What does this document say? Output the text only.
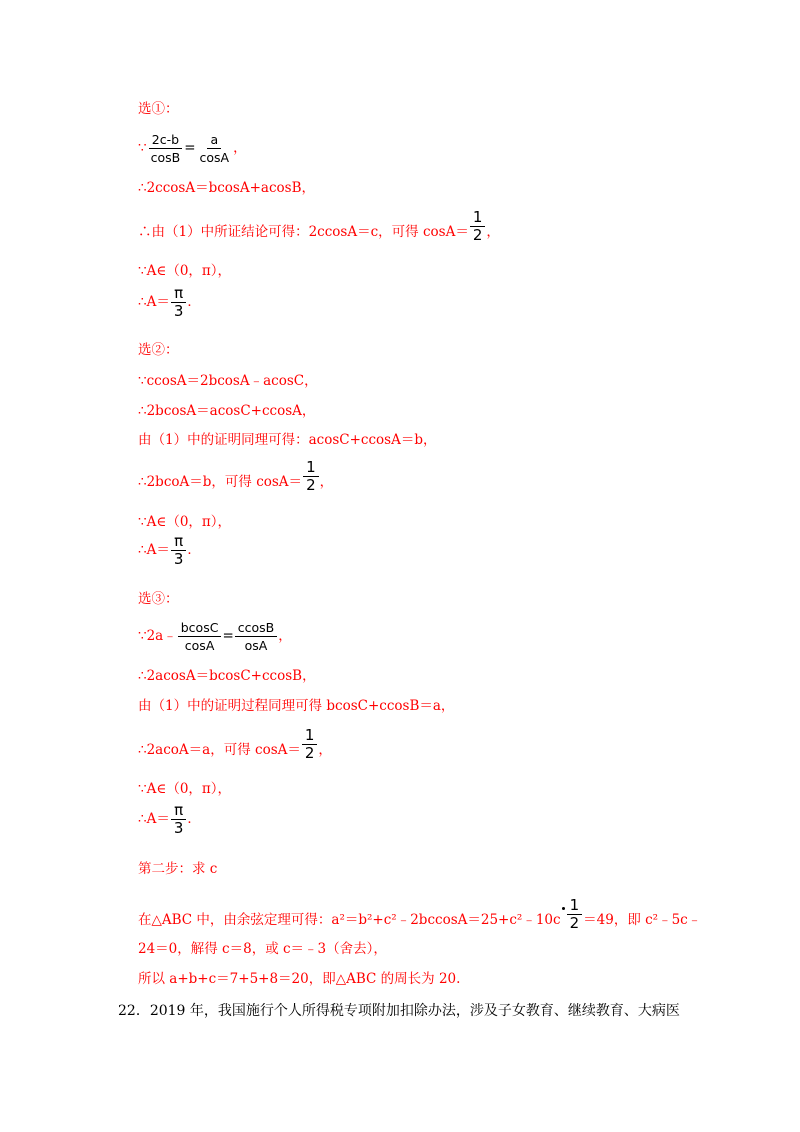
选①：
∵ $\frac{2c-b}{\cos B} = \frac{a}{\cos A}$ ，
∴2ccosA＝bcosA+acosB，
∴由（1）中所证结论可得：2ccosA＝c，可得 $\cos A= \frac{1}{2}$ ，
∵A∈（0，π），
∴A＝ $\frac{\pi}{3}$ ．
选②：
∵ccosA＝2bcosA﹣acosC，
∴2bcosA＝acosC+ccosA，
由（1）中的证明同理可得：acosC+ccosA＝b，
∴2bcoA＝b，可得 $\cos A= \frac{1}{2}$ ，
∵A∈（0，π），
∴A＝ $\frac{\pi}{3}$ ．
选③：
∵2a﹣ $\frac{bcosC}{\cos A} = \frac{ccosB}{\text{osA}}$ ，
∴2acosA＝bcosC+ccosB，
由（1）中的证明过程同理可得 bcosC+ccosB＝a，
∴2acoA＝a，可得 $\cos A= \frac{1}{2}$ ，
∵A∈（0，π），
∴A＝ $\frac{\pi}{3}$ ．
第二步：求 c
在△ABC 中，由余弦定理可得：a²＝b²+c²﹣2bccosA＝25+c²﹣10c $\frac{1}{2} =49$，即 c²﹣5c﹣
24＝0，解得 c＝8，或 c＝﹣3（舍去），
所以 a+b+c＝7+5+8＝20，即△ABC 的周长为 20.
22．2019 年，我国施行个人所得税专项附加扣除办法，涉及子女教育、继续教育、大病医
